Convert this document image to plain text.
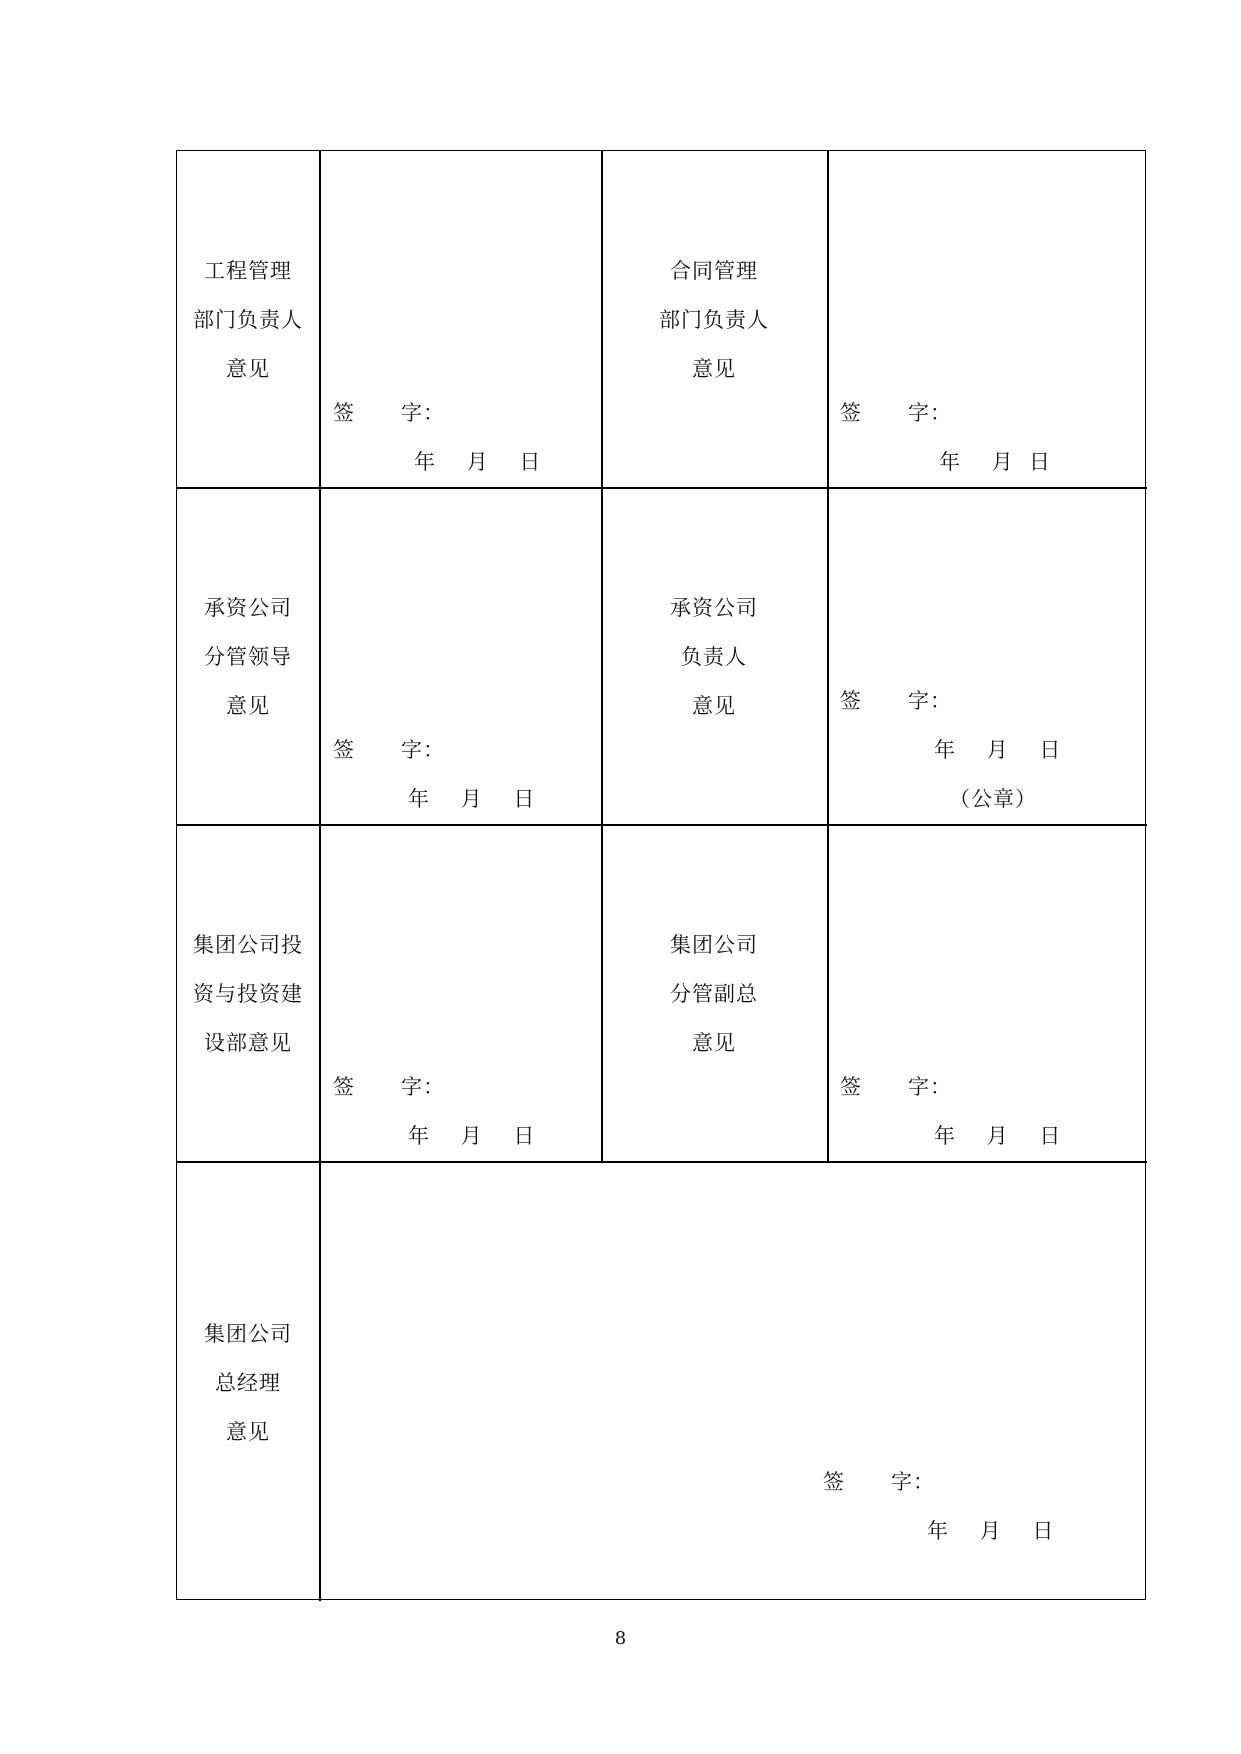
工程管理
部门负责人
意见
签      字：
年    月    日
合同管理
部门负责人
意见
签      字：
年    月  日
承资公司
分管领导
意见
签      字：
年    月    日
承资公司
负责人
意见	签      字：
年    月    日
（公章）
集团公司投
资与投资建
设部意见
签      字：
年    月    日
集团公司
分管副总
意见
签      字：
年    月    日
集团公司
总经理
意见
签      字：
年    月    日
8
